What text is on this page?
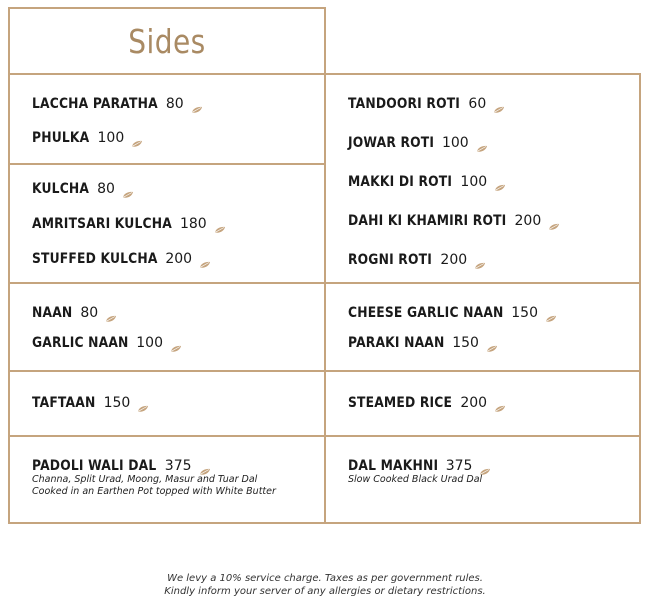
Sides
LACCHA PARATHA 80
PHULKA 100
KULCHA 80
AMRITSARI KULCHA 180
STUFFED KULCHA 200
TANDOORI ROTI 60
JOWAR ROTI 100
MAKKI DI ROTI 100
DAHI KI KHAMIRI ROTI 200
ROGNI ROTI 200
NAAN 80
GARLIC NAAN 100
CHEESE GARLIC NAAN 150
PARAKI NAAN 150
TAFTAAN 150	STEAMED RICE 200
PADOLI WALI DAL 375
Channa, Split Urad, Moong, Masur and Tuar Dal
Cooked in an Earthen Pot topped with White Butter
DAL MAKHNI 375
Slow Cooked Black Urad Dal
We levy a 10% service charge. Taxes as per government rules.
Kindly inform your server of any allergies or dietary restrictions.
